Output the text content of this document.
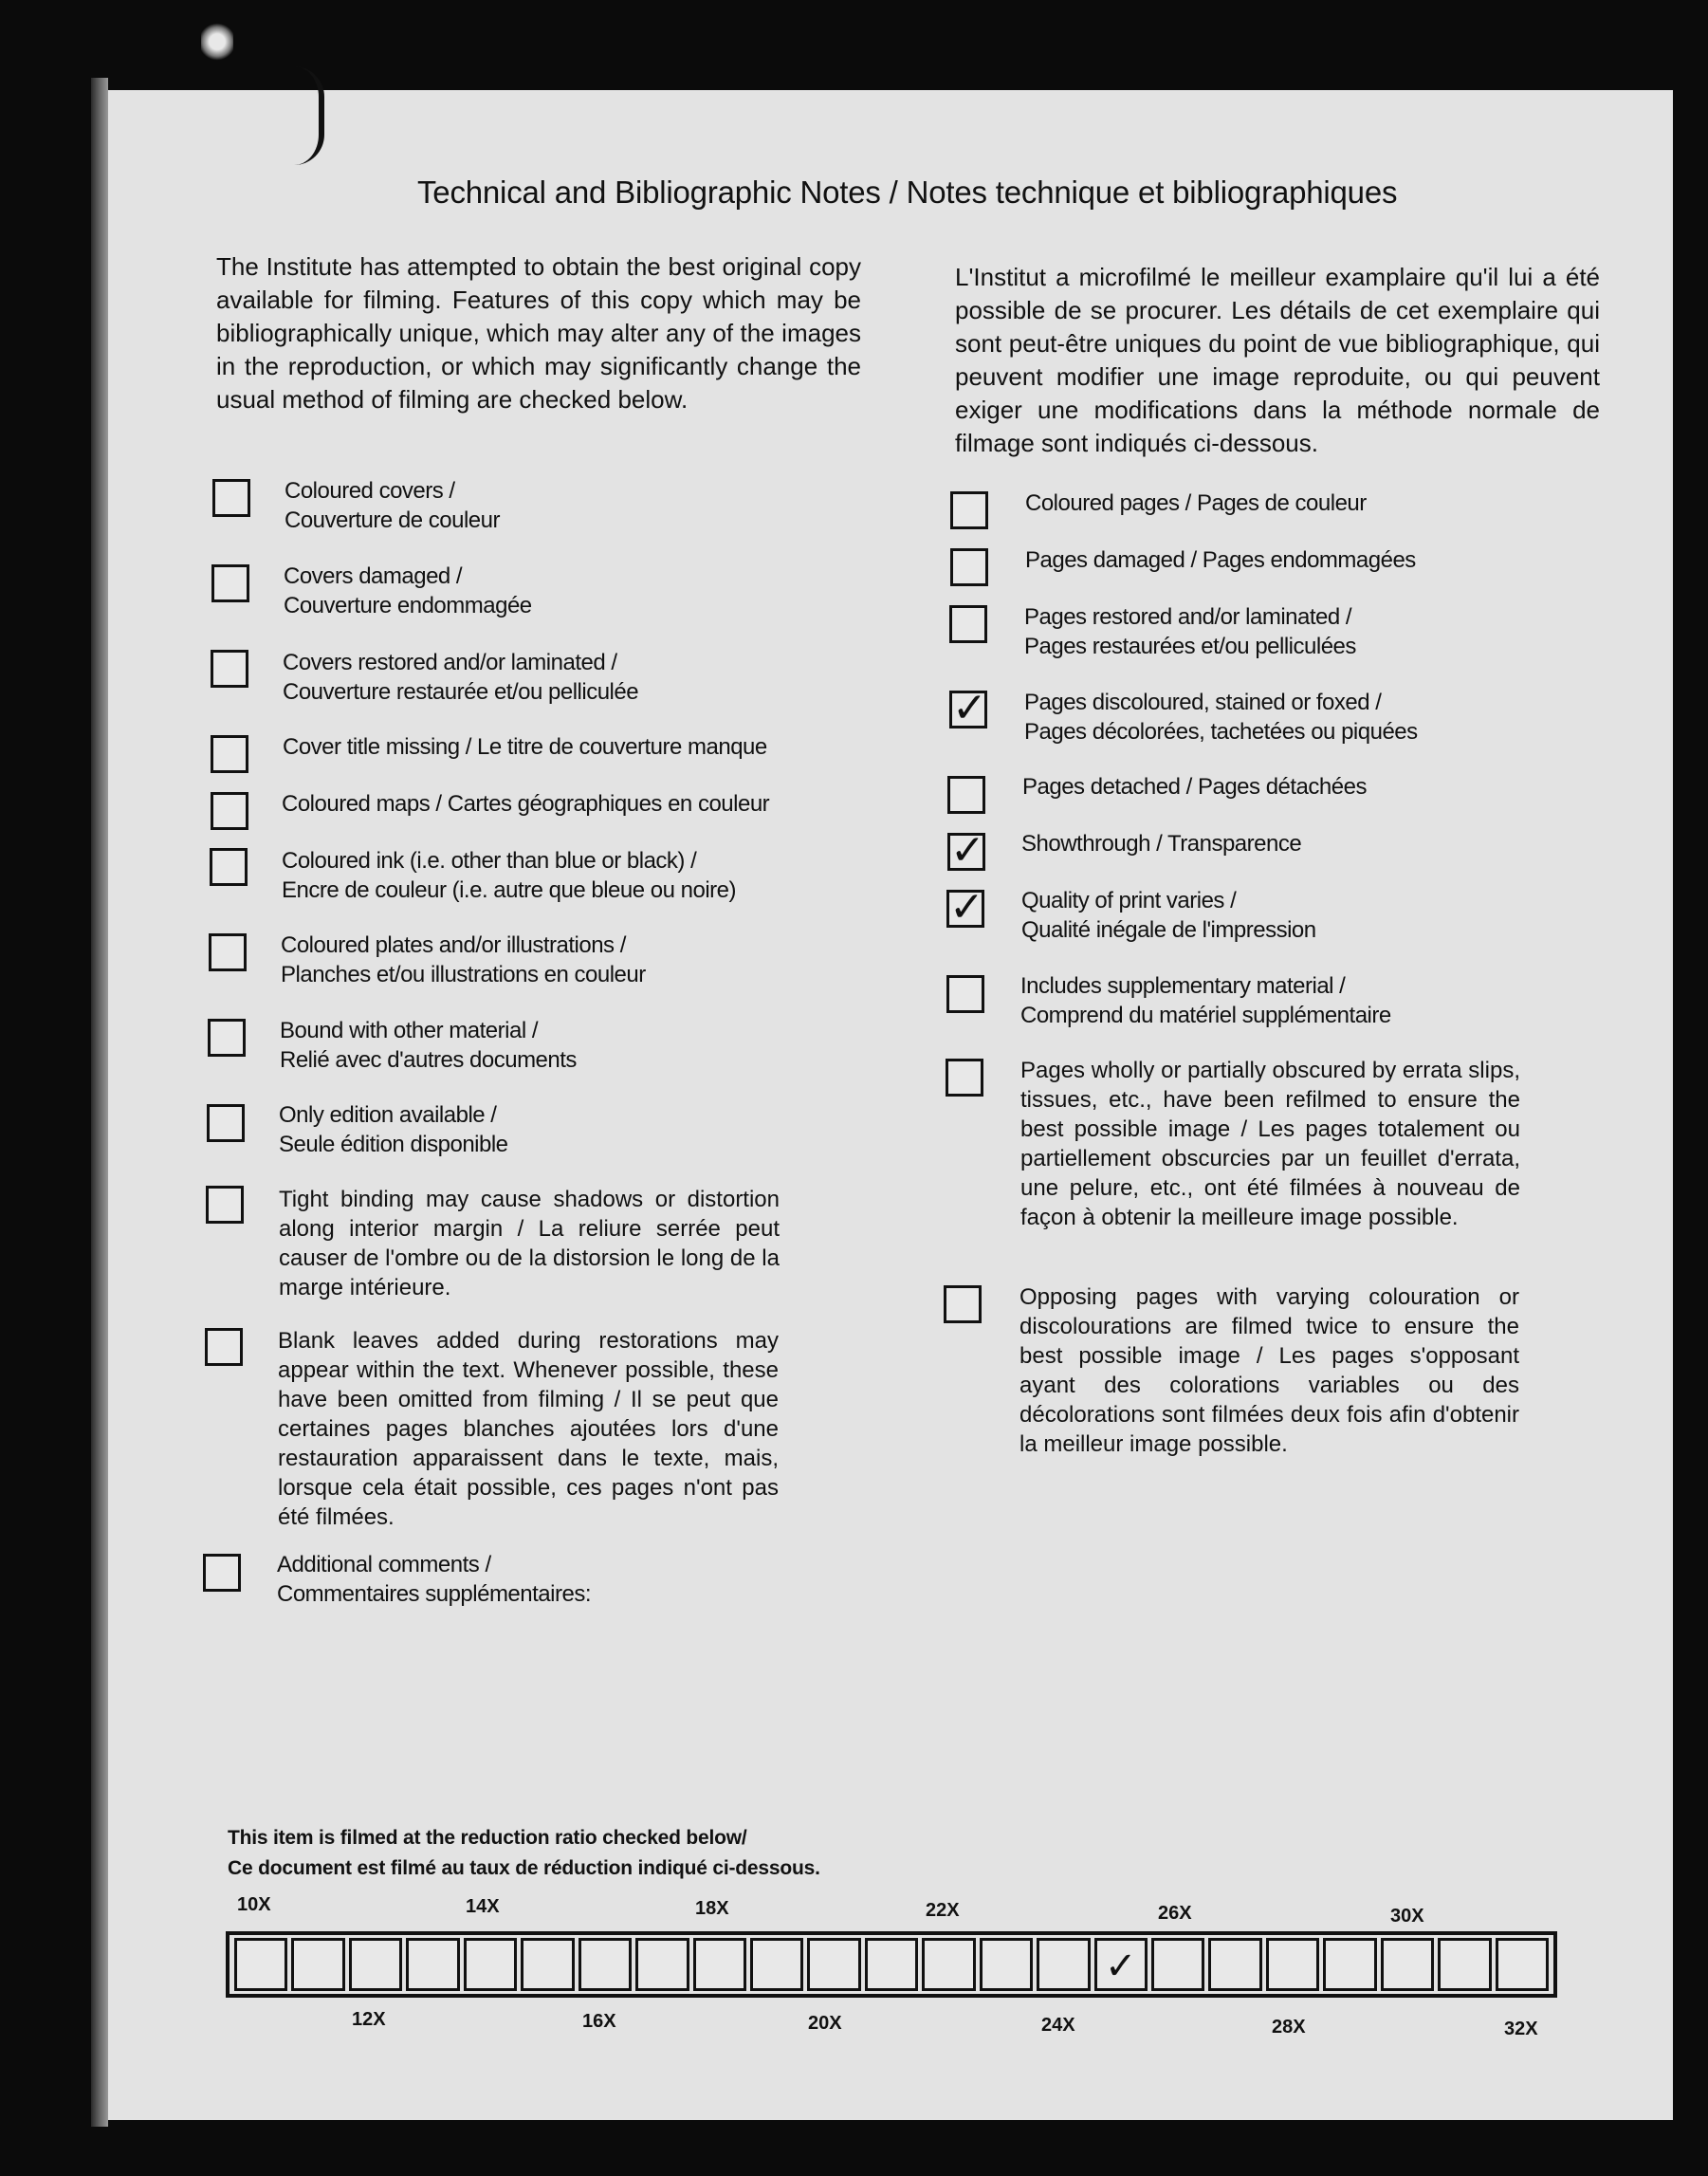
Technical and Bibliographic Notes / Notes technique et bibliographiques

The Institute has attempted to obtain the best original copy available for filming. Features of this copy which may be bibliographically unique, which may alter any of the images in the reproduction, or which may significantly change the usual method of filming are checked below.

L'Institut a microfilmé le meilleur examplaire qu'il lui a été possible de se procurer. Les détails de cet exemplaire qui sont peut-être uniques du point de vue bibliographique, qui peuvent modifier une image reproduite, ou qui peuvent exiger une modifications dans la méthode normale de filmage sont indiqués ci-dessous.

Coloured covers /
Couverture de couleur
Covers damaged /
Couverture endommagée
Covers restored and/or laminated /
Couverture restaurée et/ou pelliculée
Cover title missing / Le titre de couverture manque
Coloured maps / Cartes géographiques en couleur
Coloured ink (i.e. other than blue or black) /
Encre de couleur (i.e. autre que bleue ou noire)
Coloured plates and/or illustrations /
Planches et/ou illustrations en couleur
Bound with other material /
Relié avec d'autres documents
Only edition available /
Seule édition disponible
Tight binding may cause shadows or distortion along interior margin / La reliure serrée peut causer de l'ombre ou de la distorsion le long de la marge intérieure.
Blank leaves added during restorations may appear within the text. Whenever possible, these have been omitted from filming / Il se peut que certaines pages blanches ajoutées lors d'une restauration apparaissent dans le texte, mais, lorsque cela était possible, ces pages n'ont pas été filmées.
Additional comments /
Commentaires supplémentaires:
Coloured pages / Pages de couleur
Pages damaged / Pages endommagées
Pages restored and/or laminated /
Pages restaurées et/ou pelliculées
✓ Pages discoloured, stained or foxed /
Pages décolorées, tachetées ou piquées
Pages detached / Pages détachées
✓ Showthrough / Transparence
✓ Quality of print varies /
Qualité inégale de l'impression
Includes supplementary material /
Comprend du matériel supplémentaire
Pages wholly or partially obscured by errata slips, tissues, etc., have been refilmed to ensure the best possible image / Les pages totalement ou partiellement obscurcies par un feuillet d'errata, une pelure, etc., ont été filmées à nouveau de façon à obtenir la meilleure image possible.
Opposing pages with varying colouration or discolourations are filmed twice to ensure the best possible image / Les pages s'opposant ayant des colorations variables ou des décolorations sont filmées deux fois afin d'obtenir la meilleur image possible.
This item is filmed at the reduction ratio checked below/
Ce document est filmé au taux de réduction indiqué ci-dessous.
10X	14X	18X	22X	26X	30X
✓
12X	16X	20X	24X	28X	32X
